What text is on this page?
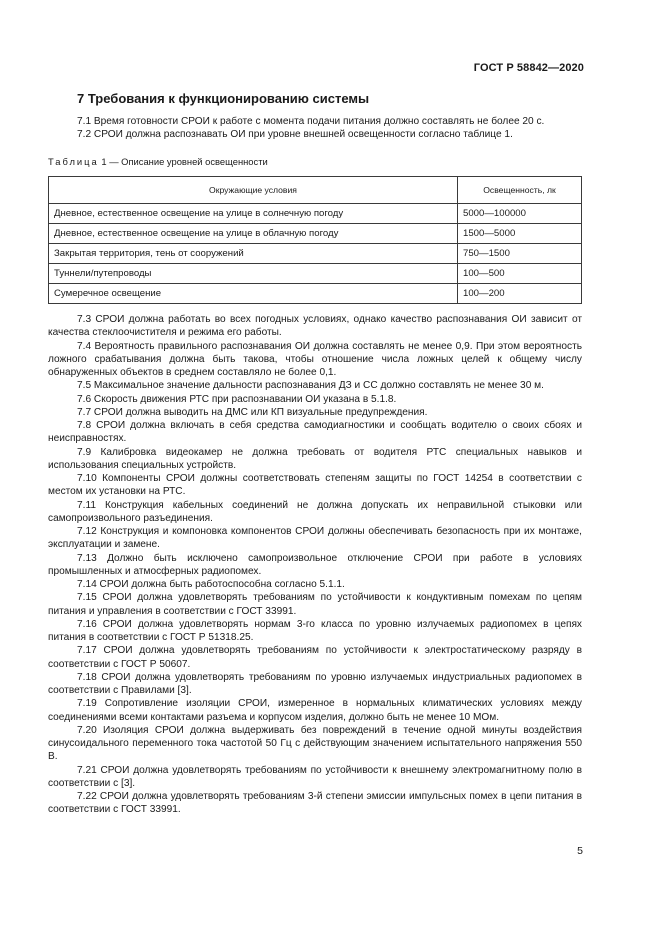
ГОСТ Р 58842—2020
7 Требования к функционированию системы

7.1 Время готовности СРОИ к работе с момента подачи питания должно составлять не более 20 с.

7.2 СРОИ должна распознавать ОИ при уровне внешней освещенности согласно таблице 1.

Таблица 1 — Описание уровней освещенности
Окружающие условия	Освещенность, лк
Дневное, естественное освещение на улице в солнечную погоду	5000—100000
Дневное, естественное освещение на улице в облачную погоду	1500—5000
Закрытая территория, тень от сооружений	750—1500
Туннели/путепроводы	100—500
Сумеречное освещение	100—200

7.3 СРОИ должна работать во всех погодных условиях, однако качество распознавания ОИ зависит от качества стеклоочистителя и режима его работы.

7.4 Вероятность правильного распознавания ОИ должна составлять не менее 0,9. При этом вероятность ложного срабатывания должна быть такова, чтобы отношение числа ложных целей к общему числу обнаруженных объектов в среднем составляло не более 0,1.

7.5 Максимальное значение дальности распознавания ДЗ и СС должно составлять не менее 30 м.

7.6 Скорость движения РТС при распознавании ОИ указана в 5.1.8.

7.7 СРОИ должна выводить на ДМС или КП визуальные предупреждения.

7.8 СРОИ должна включать в себя средства самодиагностики и сообщать водителю о своих сбоях и неисправностях.

7.9 Калибровка видеокамер не должна требовать от водителя РТС специальных навыков и использования специальных устройств.

7.10 Компоненты СРОИ должны соответствовать степеням защиты по ГОСТ 14254 в соответствии с местом их установки на РТС.

7.11 Конструкция кабельных соединений не должна допускать их неправильной стыковки или самопроизвольного разъединения.

7.12 Конструкция и компоновка компонентов СРОИ должны обеспечивать безопасность при их монтаже, эксплуатации и замене.

7.13 Должно быть исключено самопроизвольное отключение СРОИ при работе в условиях промышленных и атмосферных радиопомех.

7.14 СРОИ должна быть работоспособна согласно 5.1.1.

7.15 СРОИ должна удовлетворять требованиям по устойчивости к кондуктивным помехам по цепям питания и управления в соответствии с ГОСТ 33991.

7.16 СРОИ должна удовлетворять нормам 3-го класса по уровню излучаемых радиопомех в цепях питания в соответствии с ГОСТ Р 51318.25.

7.17 СРОИ должна удовлетворять требованиям по устойчивости к электростатическому разряду в соответствии с ГОСТ Р 50607.

7.18 СРОИ должна удовлетворять требованиям по уровню излучаемых индустриальных радиопомех в соответствии с Правилами [3].

7.19 Сопротивление изоляции СРОИ, измеренное в нормальных климатических условиях между соединениями всеми контактами разъема и корпусом изделия, должно быть не менее 10 МОм.

7.20 Изоляция СРОИ должна выдерживать без повреждений в течение одной минуты воздействия синусоидального переменного тока частотой 50 Гц с действующим значением испытательного напряжения 550 В.

7.21 СРОИ должна удовлетворять требованиям по устойчивости к внешнему электромагнитному полю в соответствии с [3].

7.22 СРОИ должна удовлетворять требованиям 3-й степени эмиссии импульсных помех в цепи питания в соответствии с ГОСТ 33991.

5
